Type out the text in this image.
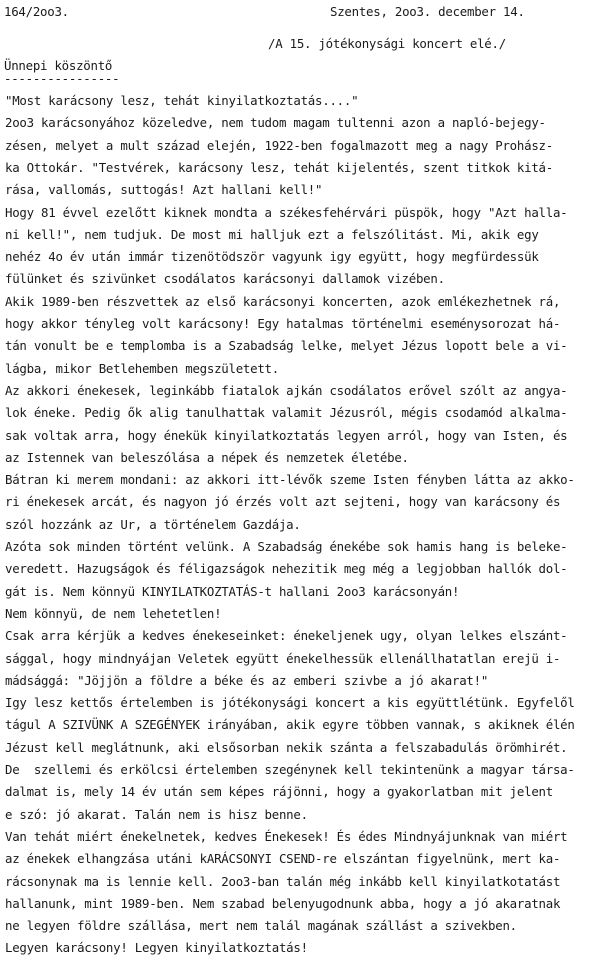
164/2oo3.	Szentes, 2oo3. december 14.
/A 15. jótékonysági koncert elé./
Ünnepi köszöntő
----------------
"Most karácsony lesz, tehát kinyilatkoztatás...."
2oo3 karácsonyához közeledve, nem tudom magam tultenni azon a napló-bejegy-
zésen, melyet a mult század elején, 1922-ben fogalmazott meg a nagy Prohász-
ka Ottokár. "Testvérek, karácsony lesz, tehát kijelentés, szent titkok kitá-
rása, vallomás, suttogás! Azt hallani kell!"
Hogy 81 évvel ezelőtt kiknek mondta a székesfehérvári püspök, hogy "Azt halla-
ni kell!", nem tudjuk. De most mi halljuk ezt a felszólitást. Mi, akik egy
nehéz 4o év után immár tizenötödször vagyunk igy együtt, hogy megfürdessük
fülünket és szivünket csodálatos karácsonyi dallamok vizében.
Akik 1989-ben részvettek az első karácsonyi koncerten, azok emlékezhetnek rá,
hogy akkor tényleg volt karácsony! Egy hatalmas történelmi eseménysorozat há-
tán vonult be e templomba is a Szabadság lelke, melyet Jézus lopott bele a vi-
lágba, mikor Betlehemben megszületett.
Az akkori énekesek, leginkább fiatalok ajkán csodálatos erővel szólt az angya-
lok éneke. Pedig ők alig tanulhattak valamit Jézusról, mégis csodamód alkalma-
sak voltak arra, hogy énekük kinyilatkoztatás legyen arról, hogy van Isten, és
az Istennek van beleszólása a népek és nemzetek életébe.
Bátran ki merem mondani: az akkori itt-lévők szeme Isten fényben látta az akko-
ri énekesek arcát, és nagyon jó érzés volt azt sejteni, hogy van karácsony és
szól hozzánk az Ur, a történelem Gazdája.
Azóta sok minden történt velünk. A Szabadság énekébe sok hamis hang is beleke-
veredett. Hazugságok és féligazságok nehezitik meg még a legjobban hallók dol-
gát is. Nem könnyü KINYILATKOZTATÁS-t hallani 2oo3 karácsonyán!
Nem könnyü, de nem lehetetlen!
Csak arra kérjük a kedves énekeseinket: énekeljenek ugy, olyan lelkes elszánt-
sággal, hogy mindnyájan Veletek együtt énekelhessük ellenállhatatlan erejü i-
mádsággá: "Jöjjön a földre a béke és az emberi szivbe a jó akarat!"
Igy lesz kettős értelemben is jótékonysági koncert a kis együttlétünk. Egyfelől
tágul A SZIVÜNK A SZEGÉNYEK irányában, akik egyre többen vannak, s akiknek élén
Jézust kell meglátnunk, aki elsősorban nekik szánta a felszabadulás örömhirét.
De  szellemi és erkölcsi értelemben szegénynek kell tekintenünk a magyar társa-
dalmat is, mely 14 év után sem képes rájönni, hogy a gyakorlatban mit jelent
e szó: jó akarat. Talán nem is hisz benne.
Van tehát miért énekelnetek, kedves Énekesek! És édes Mindnyájunknak van miért
az énekek elhangzása utáni kARÁCSONYI CSEND-re elszántan figyelnünk, mert ka-
rácsonynak ma is lennie kell. 2oo3-ban talán még inkább kell kinyilatkotatást
hallanunk, mint 1989-ben. Nem szabad belenyugodnunk abba, hogy a jó akaratnak
ne legyen földre szállása, mert nem talál magának szállást a szivekben.
Legyen karácsony! Legyen kinyilatkoztatás!
